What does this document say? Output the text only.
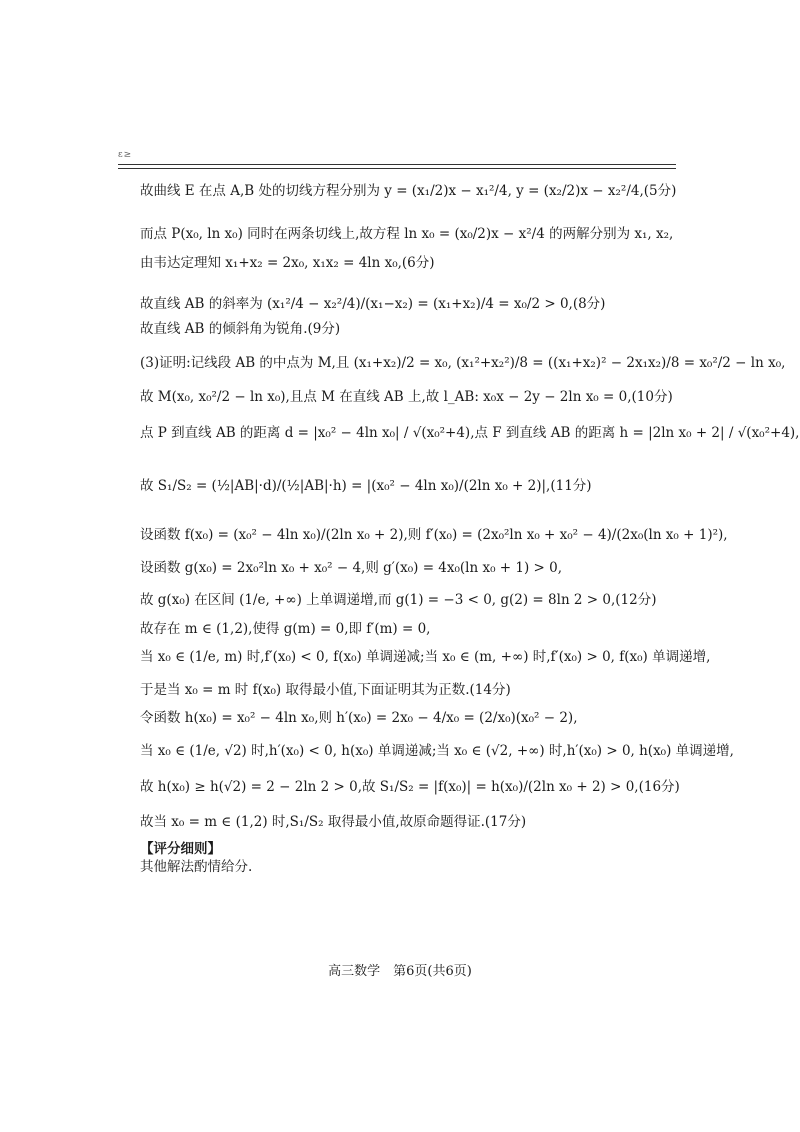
ε≥
故曲线 E 在点 A,B 处的切线方程分别为 y = (x₁/2)x − x₁²/4, y = (x₂/2)x − x₂²/4,(5分)
而点 P(x₀, ln x₀) 同时在两条切线上,故方程 ln x₀ = (x₀/2)x − x²/4 的两解分别为 x₁, x₂,
由韦达定理知 x₁+x₂ = 2x₀, x₁x₂ = 4ln x₀,(6分)
故直线 AB 的斜率为 (x₁²/4 − x₂²/4)/(x₁−x₂) = (x₁+x₂)/4 = x₀/2 > 0,(8分)
故直线 AB 的倾斜角为锐角.(9分)
(3)证明:记线段 AB 的中点为 M,且 (x₁+x₂)/2 = x₀, (x₁²+x₂²)/8 = ((x₁+x₂)² − 2x₁x₂)/8 = x₀²/2 − ln x₀,
故 M(x₀, x₀²/2 − ln x₀),且点 M 在直线 AB 上,故 l_AB: x₀x − 2y − 2ln x₀ = 0,(10分)
点 P 到直线 AB 的距离 d = |x₀² − 4ln x₀| / √(x₀²+4),点 F 到直线 AB 的距离 h = |2ln x₀ + 2| / √(x₀²+4),
故 S₁/S₂ = (½|AB|·d)/(½|AB|·h) = |(x₀² − 4ln x₀)/(2ln x₀ + 2)|,(11分)
设函数 f(x₀) = (x₀² − 4ln x₀)/(2ln x₀ + 2),则 f′(x₀) = (2x₀²ln x₀ + x₀² − 4)/(2x₀(ln x₀ + 1)²),
设函数 g(x₀) = 2x₀²ln x₀ + x₀² − 4,则 g′(x₀) = 4x₀(ln x₀ + 1) > 0,
故 g(x₀) 在区间 (1/e, +∞) 上单调递增,而 g(1) = −3 < 0, g(2) = 8ln 2 > 0,(12分)
故存在 m ∈ (1,2),使得 g(m) = 0,即 f′(m) = 0,
当 x₀ ∈ (1/e, m) 时,f′(x₀) < 0, f(x₀) 单调递减;当 x₀ ∈ (m, +∞) 时,f′(x₀) > 0, f(x₀) 单调递增,
于是当 x₀ = m 时 f(x₀) 取得最小值,下面证明其为正数.(14分)
令函数 h(x₀) = x₀² − 4ln x₀,则 h′(x₀) = 2x₀ − 4/x₀ = (2/x₀)(x₀² − 2),
当 x₀ ∈ (1/e, √2) 时,h′(x₀) < 0, h(x₀) 单调递减;当 x₀ ∈ (√2, +∞) 时,h′(x₀) > 0, h(x₀) 单调递增,
故 h(x₀) ≥ h(√2) = 2 − 2ln 2 > 0,故 S₁/S₂ = |f(x₀)| = h(x₀)/(2ln x₀ + 2) > 0,(16分)
故当 x₀ = m ∈ (1,2) 时,S₁/S₂ 取得最小值,故原命题得证.(17分)
【评分细则】
其他解法酌情给分.
高三数学　第6页(共6页)
